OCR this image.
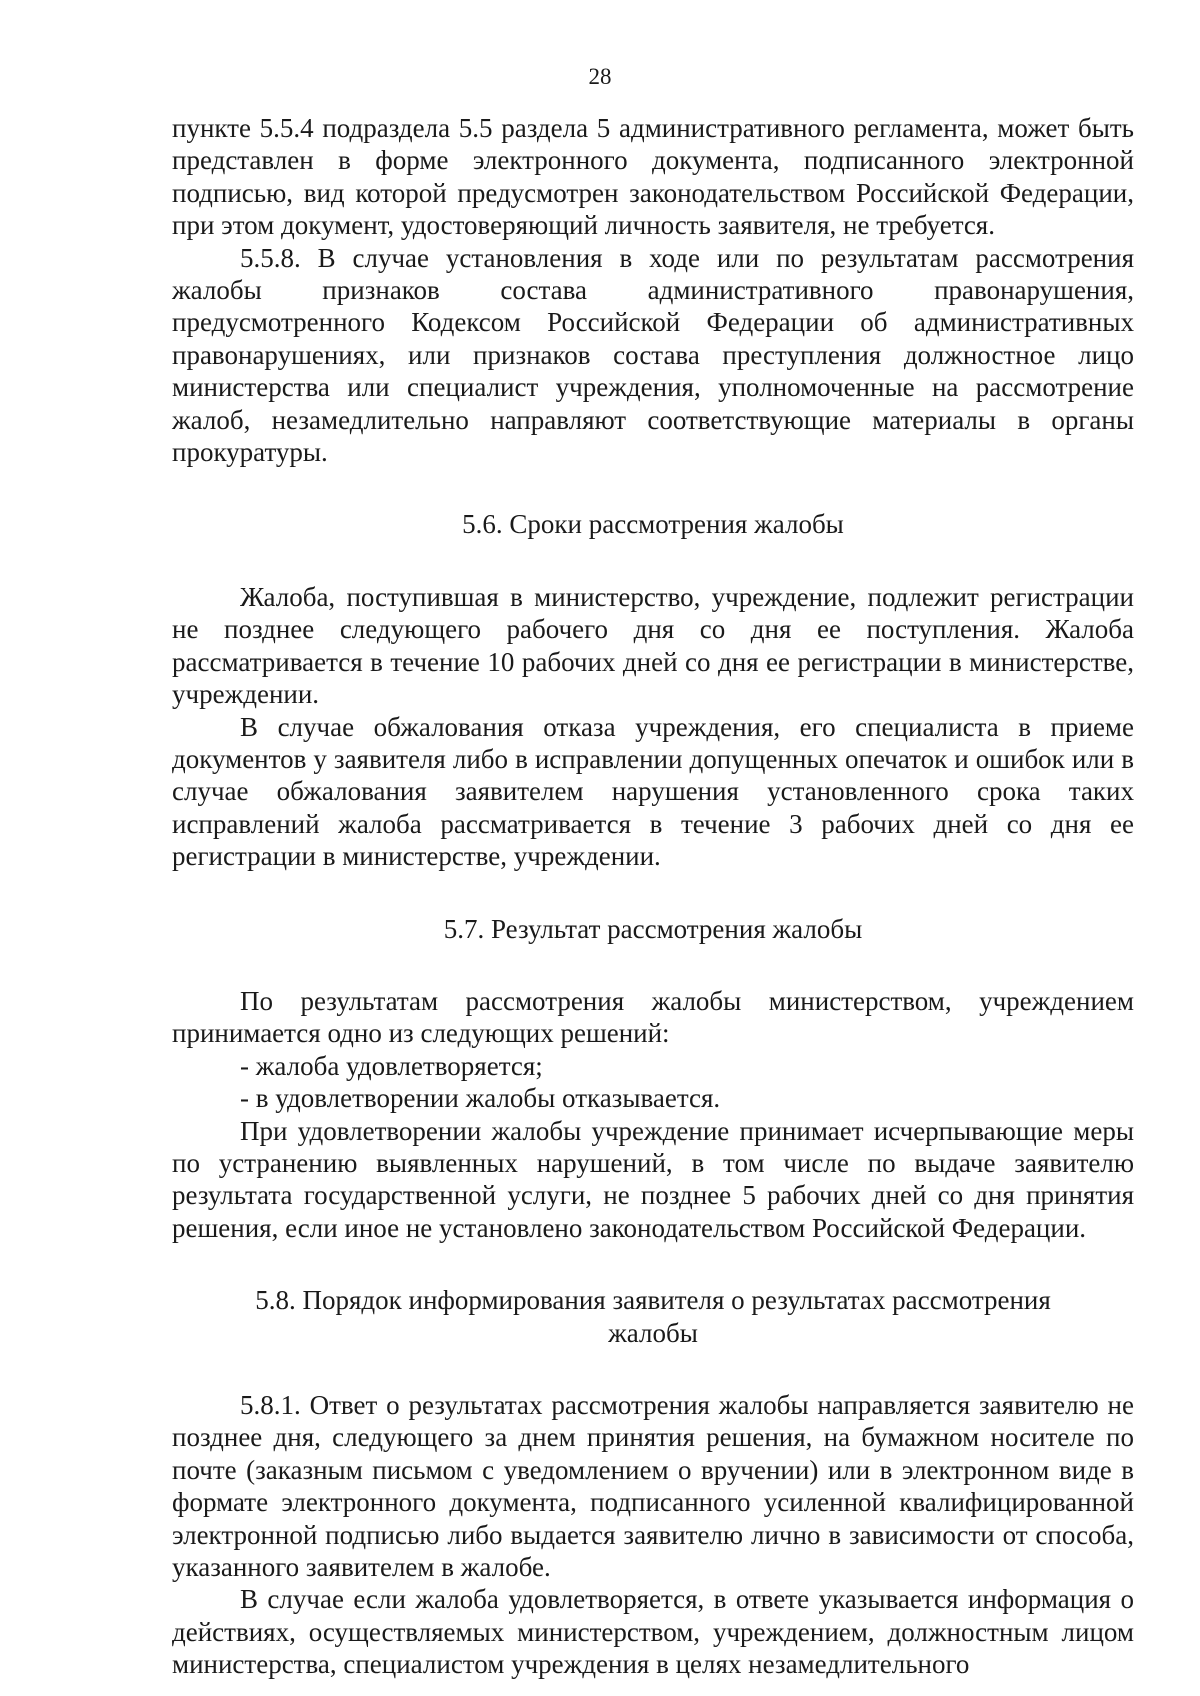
28

пункте 5.5.4 подраздела 5.5 раздела 5 административного регламента, может быть представлен в форме электронного документа, подписанного электронной подписью, вид которой предусмотрен законодательством Российской Федерации, при этом документ, удостоверяющий личность заявителя, не требуется.

5.5.8. В случае установления в ходе или по результатам рассмотрения жалобы признаков состава административного правонарушения, предусмотренного Кодексом Российской Федерации об административных правонарушениях, или признаков состава преступления должностное лицо министерства или специалист учреждения, уполномоченные на рассмотрение жалоб, незамедлительно направляют соответствующие материалы в органы прокуратуры.

5.6. Сроки рассмотрения жалобы

Жалоба, поступившая в министерство, учреждение, подлежит регистрации не позднее следующего рабочего дня со дня ее поступления. Жалоба рассматривается в течение 10 рабочих дней со дня ее регистрации в министерстве, учреждении.

В случае обжалования отказа учреждения, его специалиста в приеме документов у заявителя либо в исправлении допущенных опечаток и ошибок или в случае обжалования заявителем нарушения установленного срока таких исправлений жалоба рассматривается в течение 3 рабочих дней со дня ее регистрации в министерстве, учреждении.

5.7. Результат рассмотрения жалобы

По результатам рассмотрения жалобы министерством, учреждением принимается одно из следующих решений:

- жалоба удовлетворяется;

- в удовлетворении жалобы отказывается.

При удовлетворении жалобы учреждение принимает исчерпывающие меры по устранению выявленных нарушений, в том числе по выдаче заявителю результата государственной услуги, не позднее 5 рабочих дней со дня принятия решения, если иное не установлено законодательством Российской Федерации.

5.8. Порядок информирования заявителя о результатах рассмотрения жалобы

5.8.1. Ответ о результатах рассмотрения жалобы направляется заявителю не позднее дня, следующего за днем принятия решения, на бумажном носителе по почте (заказным письмом с уведомлением о вручении) или в электронном виде в формате электронного документа, подписанного усиленной квалифицированной электронной подписью либо выдается заявителю лично в зависимости от способа, указанного заявителем в жалобе.

В случае если жалоба удовлетворяется, в ответе указывается информация о действиях, осуществляемых министерством, учреждением, должностным лицом министерства, специалистом учреждения в целях незамедлительного
